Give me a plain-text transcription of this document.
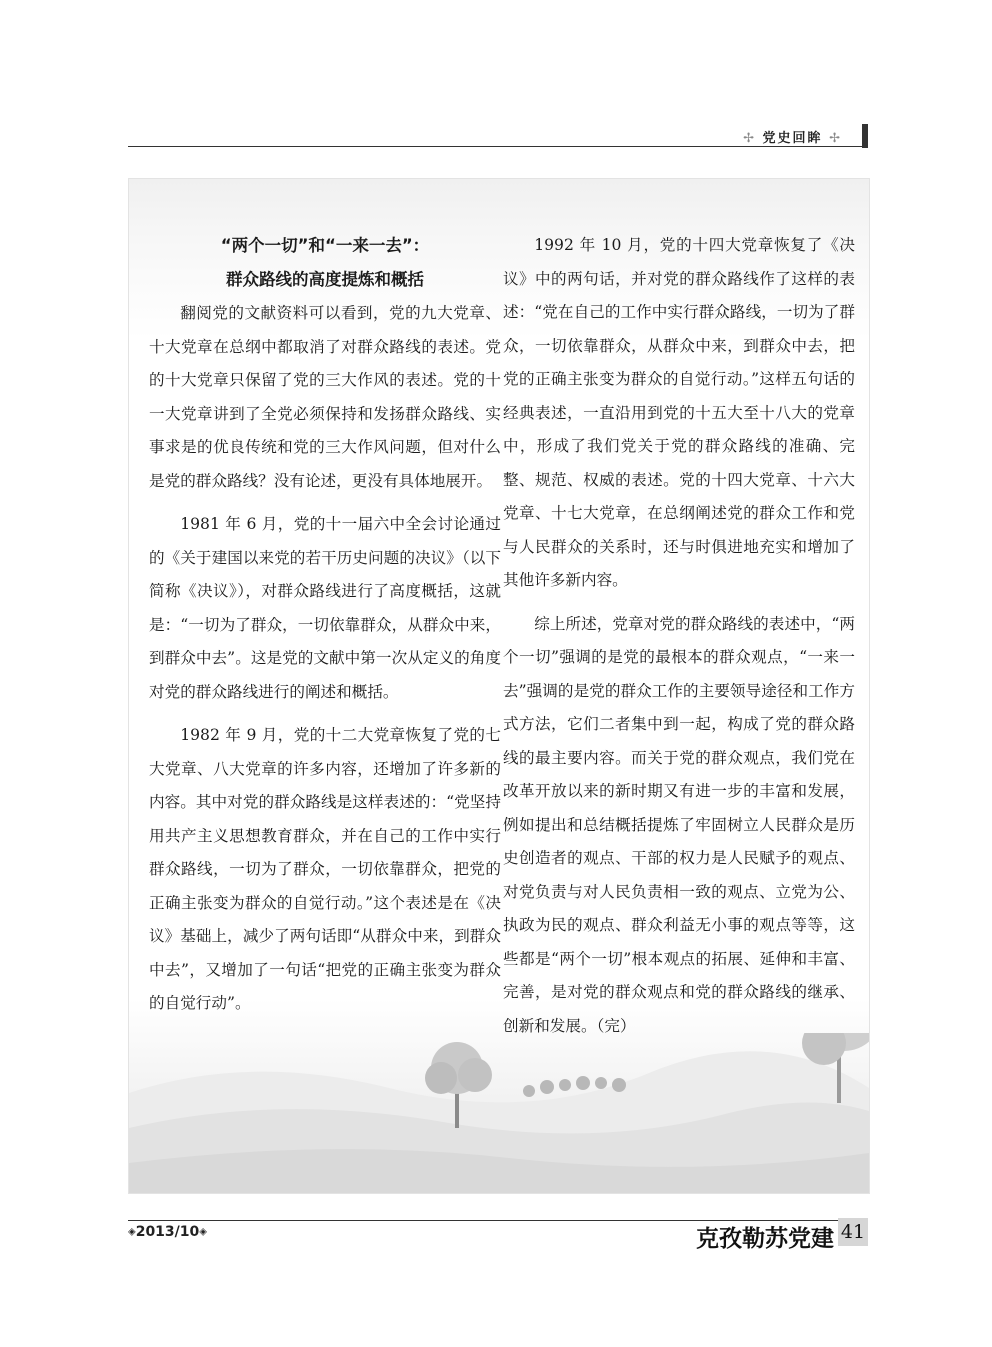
✢ 党史回眸 ✢
“两个一切”和“一来一去”：
群众路线的高度提炼和概括

翻阅党的文献资料可以看到，党的九大党章、十大党章在总纲中都取消了对群众路线的表述。党的十大党章只保留了党的三大作风的表述。党的十一大党章讲到了全党必须保持和发扬群众路线、实事求是的优良传统和党的三大作风问题，但对什么是党的群众路线？没有论述，更没有具体地展开。

1981 年 6 月，党的十一届六中全会讨论通过的《关于建国以来党的若干历史问题的决议》（以下简称《决议》），对群众路线进行了高度概括，这就是：“一切为了群众，一切依靠群众，从群众中来，到群众中去”。这是党的文献中第一次从定义的角度对党的群众路线进行的阐述和概括。

1982 年 9 月，党的十二大党章恢复了党的七大党章、八大党章的许多内容，还增加了许多新的内容。其中对党的群众路线是这样表述的：“党坚持用共产主义思想教育群众，并在自己的工作中实行群众路线，一切为了群众，一切依靠群众，把党的正确主张变为群众的自觉行动。”这个表述是在《决议》基础上，减少了两句话即“从群众中来，到群众中去”，又增加了一句话“把党的正确主张变为群众的自觉行动”。

1992 年 10 月，党的十四大党章恢复了《决议》中的两句话，并对党的群众路线作了这样的表述：“党在自己的工作中实行群众路线，一切为了群众，一切依靠群众，从群众中来，到群众中去，把党的正确主张变为群众的自觉行动。”这样五句话的经典表述，一直沿用到党的十五大至十八大的党章中，形成了我们党关于党的群众路线的准确、完整、规范、权威的表述。党的十四大党章、十六大党章、十七大党章，在总纲阐述党的群众工作和党与人民群众的关系时，还与时俱进地充实和增加了其他许多新内容。

综上所述，党章对党的群众路线的表述中，“两个一切”强调的是党的最根本的群众观点，“一来一去”强调的是党的群众工作的主要领导途径和工作方式方法，它们二者集中到一起，构成了党的群众路线的最主要内容。而关于党的群众观点，我们党在改革开放以来的新时期又有进一步的丰富和发展，例如提出和总结概括提炼了牢固树立人民群众是历史创造者的观点、干部的权力是人民赋予的观点、对党负责与对人民负责相一致的观点、立党为公、执政为民的观点、群众利益无小事的观点等等，这些都是“两个一切”根本观点的拓展、延伸和丰富、完善，是对党的群众观点和党的群众路线的继承、创新和发展。（完）

◈2013/10◈	克孜勒苏党建 41
